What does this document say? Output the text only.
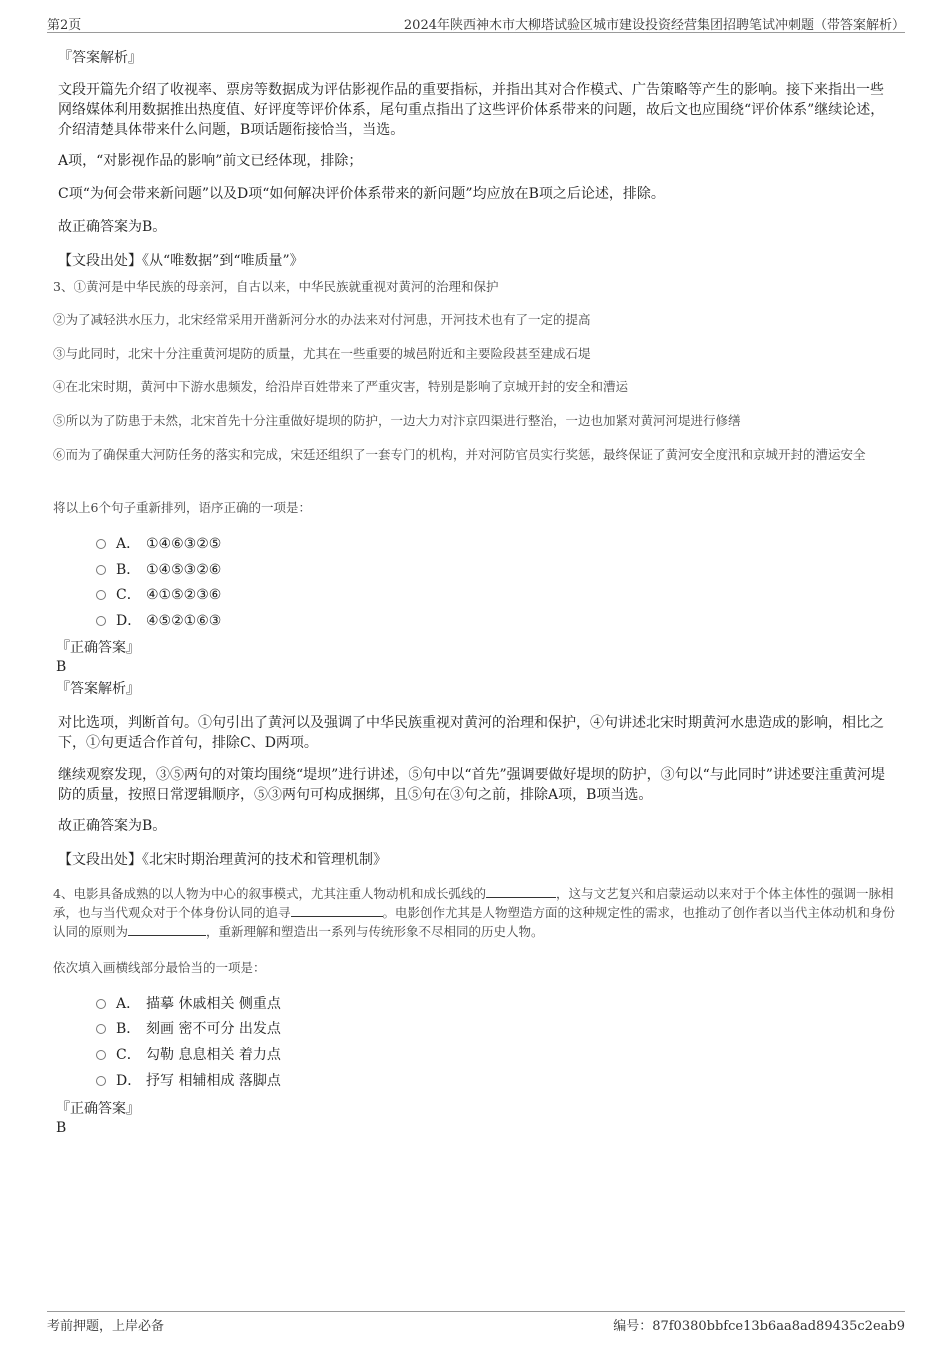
第2页	2024年陕西神木市大柳塔试验区城市建设投资经营集团招聘笔试冲刺题（带答案解析）
『答案解析』
文段开篇先介绍了收视率、票房等数据成为评估影视作品的重要指标，并指出其对合作模式、广告策略等产生的影响。接下来指出一些网络媒体利用数据推出热度值、好评度等评价体系，尾句重点指出了这些评价体系带来的问题，故后文也应围绕“评价体系”继续论述，介绍清楚具体带来什么问题，B项话题衔接恰当，当选。
A项，“对影视作品的影响”前文已经体现，排除；
C项“为何会带来新问题”以及D项“如何解决评价体系带来的新问题”均应放在B项之后论述，排除。
故正确答案为B。
【文段出处】《从“唯数据”到“唯质量”》
3、①黄河是中华民族的母亲河，自古以来，中华民族就重视对黄河的治理和保护
②为了减轻洪水压力，北宋经常采用开凿新河分水的办法来对付河患，开河技术也有了一定的提高
③与此同时，北宋十分注重黄河堤防的质量，尤其在一些重要的城邑附近和主要险段甚至建成石堤
④在北宋时期，黄河中下游水患频发，给沿岸百姓带来了严重灾害，特别是影响了京城开封的安全和漕运
⑤所以为了防患于未然，北宋首先十分注重做好堤坝的防护，一边大力对汴京四渠进行整治，一边也加紧对黄河河堤进行修缮
⑥而为了确保重大河防任务的落实和完成，宋廷还组织了一套专门的机构，并对河防官员实行奖惩，最终保证了黄河安全度汛和京城开封的漕运安全
将以上6个句子重新排列，语序正确的一项是：
A． ①④⑥③②⑤
B． ①④⑤③②⑥
C． ④①⑤②③⑥
D． ④⑤②①⑥③
『正确答案』
B
『答案解析』
对比选项，判断首句。①句引出了黄河以及强调了中华民族重视对黄河的治理和保护，④句讲述北宋时期黄河水患造成的影响，相比之下，①句更适合作首句，排除C、D两项。
继续观察发现，③⑤两句的对策均围绕“堤坝”进行讲述，⑤句中以“首先”强调要做好堤坝的防护，③句以“与此同时”讲述要注重黄河堤防的质量，按照日常逻辑顺序，⑤③两句可构成捆绑，且⑤句在③句之前，排除A项，B项当选。
故正确答案为B。
【文段出处】《北宋时期治理黄河的技术和管理机制》
4、电影具备成熟的以人物为中心的叙事模式，尤其注重人物动机和成长弧线的	，这与文艺复兴和启蒙运动以来对于个体主体性的强调一脉相承，也与当代观众对于个体身份认同的追寻	。电影创作尤其是人物塑造方面的这种规定性的需求，也推动了创作者以当代主体动机和身份认同的原则为	，重新理解和塑造出一系列与传统形象不尽相同的历史人物。
依次填入画横线部分最恰当的一项是：
A． 描摹 休戚相关 侧重点
B． 刻画 密不可分 出发点
C． 勾勒 息息相关 着力点
D． 抒写 相辅相成 落脚点
『正确答案』
B
考前押题，上岸必备	编号：87f0380bbfce13b6aa8ad89435c2eab9
